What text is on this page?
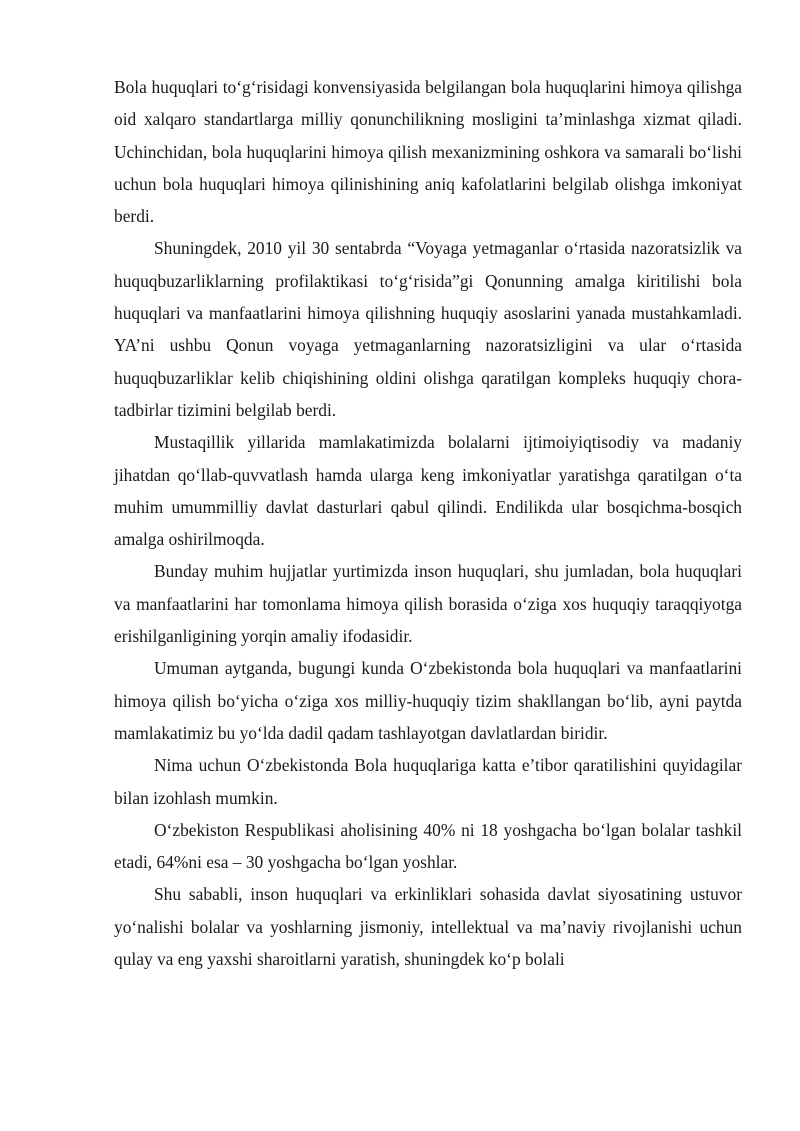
Bola huquqlari to‘g‘risidagi konvensiyasida belgilangan bola huquqlarini himoya qilishga oid xalqaro standartlarga milliy qonunchilikning mosligini ta’minlashga xizmat qiladi. Uchinchidan, bola huquqlarini himoya qilish mexanizmining oshkora va samarali bo‘lishi uchun bola huquqlari himoya qilinishining aniq kafolatlarini belgilab olishga imkoniyat berdi.

Shuningdek, 2010 yil 30 sentabrda “Voyaga yetmaganlar o‘rtasida nazoratsizlik va huquqbuzarliklarning profilaktikasi to‘g‘risida”gi Qonunning amalga kiritilishi bola huquqlari va manfaatlarini himoya qilishning huquqiy asoslarini yanada mustahkamladi. YA’ni ushbu Qonun voyaga yetmaganlarning nazoratsizligini va ular o‘rtasida huquqbuzarliklar kelib chiqishining oldini olishga qaratilgan kompleks huquqiy chora-tadbirlar tizimini belgilab berdi.

Mustaqillik yillarida mamlakatimizda bolalarni ijtimoiyiqtisodiy va madaniy jihatdan qo‘llab-quvvatlash hamda ularga keng imkoniyatlar yaratishga qaratilgan o‘ta muhim umummilliy davlat dasturlari qabul qilindi. Endilikda ular bosqichma-bosqich amalga oshirilmoqda.

Bunday muhim hujjatlar yurtimizda inson huquqlari, shu jumladan, bola huquqlari va manfaatlarini har tomonlama himoya qilish borasida o‘ziga xos huquqiy taraqqiyotga erishilganligining yorqin amaliy ifodasidir.

Umuman aytganda, bugungi kunda O‘zbekistonda bola huquqlari va manfaatlarini himoya qilish bo‘yicha o‘ziga xos milliy-huquqiy tizim shakllangan bo‘lib, ayni paytda mamlakatimiz bu yo‘lda dadil qadam tashlayotgan davlatlardan biridir.

Nima uchun O‘zbekistonda Bola huquqlariga katta e’tibor qaratilishini quyidagilar bilan izohlash mumkin.

O‘zbekiston Respublikasi aholisining 40% ni 18 yoshgacha bo‘lgan bolalar tashkil etadi, 64%ni esa – 30 yoshgacha bo‘lgan yoshlar.

Shu sababli, inson huquqlari va erkinliklari sohasida davlat siyosatining ustuvor yo‘nalishi bolalar va yoshlarning jismoniy, intellektual va ma’naviy rivojlanishi uchun qulay va eng yaxshi sharoitlarni yaratish, shuningdek ko‘p bolali
